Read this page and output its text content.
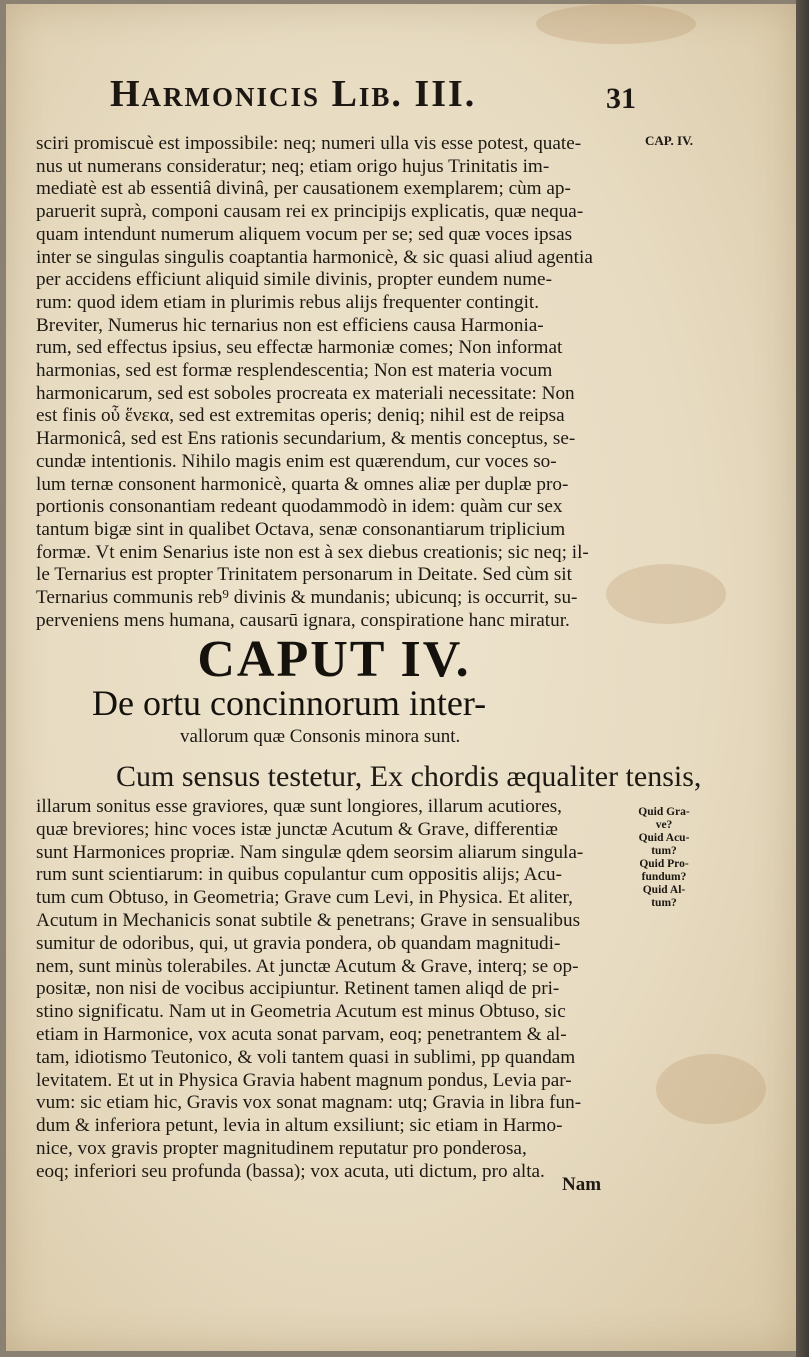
Harmonicis Lib. III.	31
CAP. IV.
sciri promiscuè est impossibile: neq; numeri ulla vis esse potest, quate-
nus ut numerans consideratur; neq; etiam origo hujus Trinitatis im-
mediatè est ab essentiâ divinâ, per causationem exemplarem; cùm ap-
paruerit suprà, componi causam rei ex principijs explicatis, quæ nequa-
quam intendunt numerum aliquem vocum per se; sed quæ voces ipsas
inter se singulas singulis coaptantia harmonicè, & sic quasi aliud agentia
per accidens efficiunt aliquid simile divinis, propter eundem nume-
rum: quod idem etiam in plurimis rebus alijs frequenter contingit.
Breviter, Numerus hic ternarius non est efficiens causa Harmonia-
rum, sed effectus ipsius, seu effectæ harmoniæ comes; Non informat
harmonias, sed est formæ resplendescentia; Non est materia vocum
harmonicarum, sed est soboles procreata ex materiali necessitate: Non
est finis οὗ ἕνεκα, sed est extremitas operis; deniq; nihil est de reipsa
Harmonicâ, sed est Ens rationis secundarium, & mentis conceptus, se-
cundæ intentionis. Nihilo magis enim est quærendum, cur voces so-
lum ternæ consonent harmonicè, quarta & omnes aliæ per duplæ pro-
portionis consonantiam redeant quodammodò in idem: quàm cur sex
tantum bigæ sint in qualibet Octava, senæ consonantiarum triplicium
formæ. Vt enim Senarius iste non est à sex diebus creationis; sic neq; il-
le Ternarius est propter Trinitatem personarum in Deitate. Sed cùm sit
Ternarius communis reb⁹ divinis & mundanis; ubicunq; is occurrit, su-
perveniens mens humana, causarū ignara, conspiratione hanc miratur.
CAPUT IV.
De ortu concinnorum inter-
vallorum quæ Consonis minora sunt.
Cum sensus testetur, Ex chordis æqualiter tensis,
illarum sonitus esse graviores, quæ sunt longiores, illarum acutiores,
quæ breviores; hinc voces istæ junctæ Acutum & Grave, differentiæ
sunt Harmonices propriæ. Nam singulæ qdem seorsim aliarum singula-
rum sunt scientiarum: in quibus copulantur cum oppositis alijs; Acu-
tum cum Obtuso, in Geometria; Grave cum Levi, in Physica. Et aliter,
Acutum in Mechanicis sonat subtile & penetrans; Grave in sensualibus
sumitur de odoribus, qui, ut gravia pondera, ob quandam magnitudi-
nem, sunt minùs tolerabiles. At junctæ Acutum & Grave, interq; se op-
positæ, non nisi de vocibus accipiuntur. Retinent tamen aliqd de pri-
stino significatu. Nam ut in Geometria Acutum est minus Obtuso, sic
etiam in Harmonice, vox acuta sonat parvam, eoq; penetrantem & al-
tam, idiotismo Teutonico, & voli tantem quasi in sublimi, pp quandam
levitatem. Et ut in Physica Gravia habent magnum pondus, Levia par-
vum: sic etiam hic, Gravis vox sonat magnam: utq; Gravia in libra fun-
dum & inferiora petunt, levia in altum exsiliunt; sic etiam in Harmo-
nice, vox gravis propter magnitudinem reputatur pro ponderosa,
eoq; inferiori seu profunda (bassa); vox acuta, uti dictum, pro alta.
Quid Gra-
ve?
Quid Acu-
tum?
Quid Pro-
fundum?
Quid Al-
tum?
Nam
